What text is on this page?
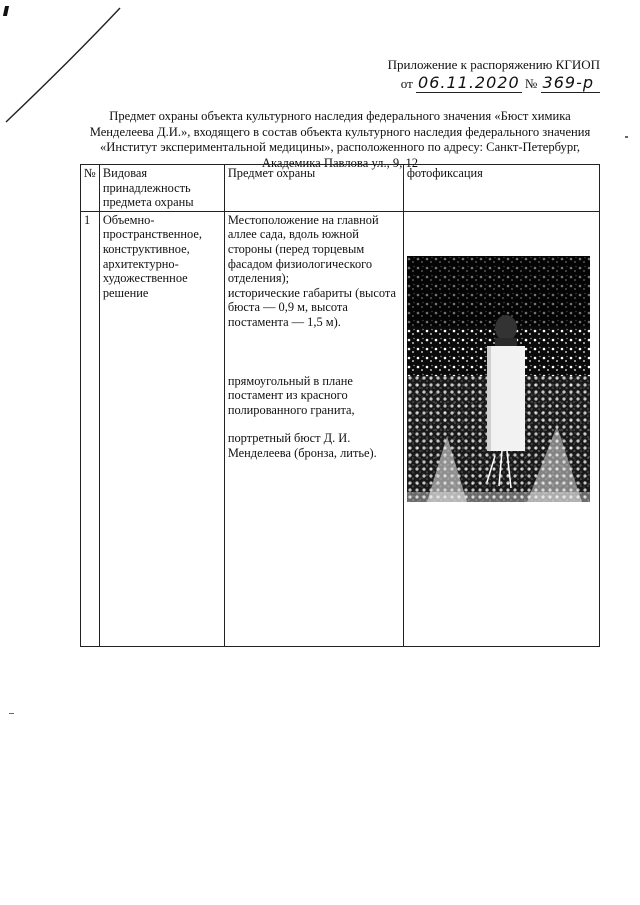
Приложение к распоряжению КГИОП
от 06.11.2020 № 369-р
Предмет охраны объекта культурного наследия федерального значения «Бюст химика Менделеева Д.И.», входящего в состав объекта культурного наследия федерального значения «Институт экспериментальной медицины», расположенного по адресу: Санкт-Петербург, Академика Павлова ул., 9, 12
№	Видовая принадлежность предмета охраны	Предмет охраны	фотофиксация
1	Объемно-пространственное, конструктивное, архитектурно-художественное решение	Местоположение на главной аллее сада, вдоль южной стороны (перед торцевым фасадом физиологического отделения);
исторические габариты (высота бюста — 0,9 м, высота постамента — 1,5 м).
прямоугольный в плане постамент из красного полированного гранита,
портретный бюст Д. И. Менделеева (бронза, литье).	
